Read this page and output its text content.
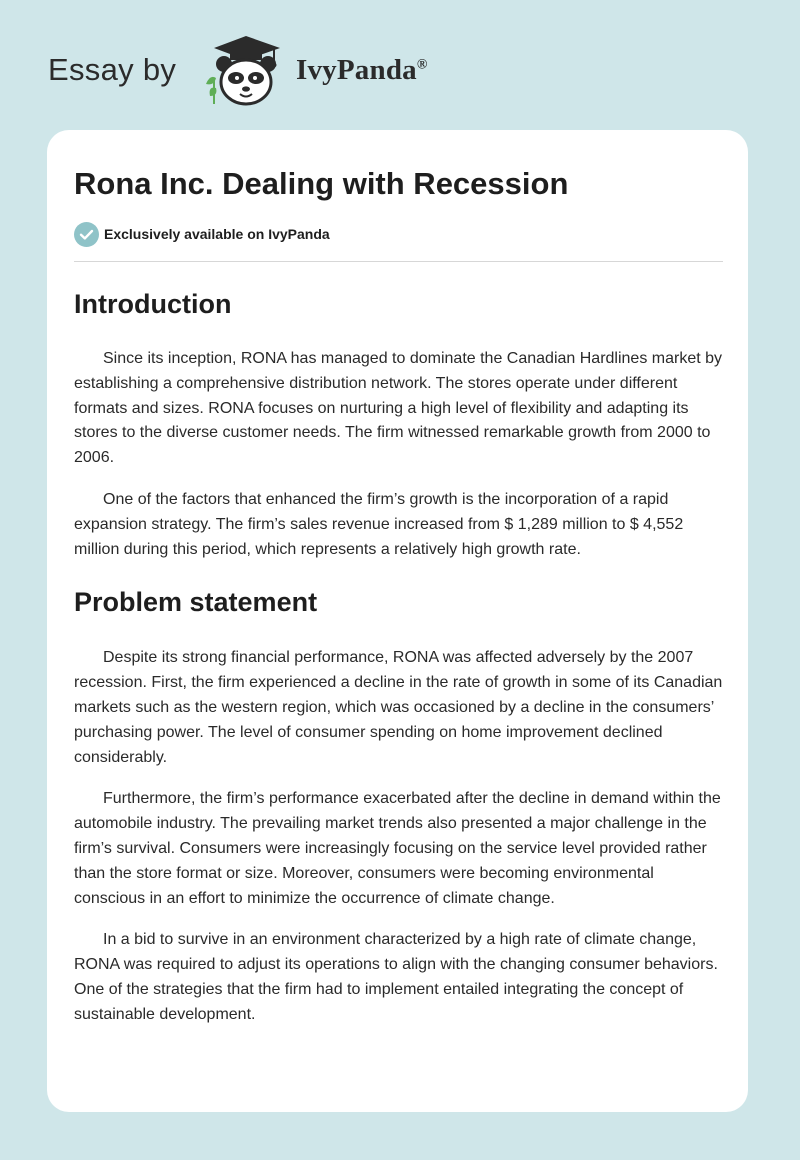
Essay by	IvyPanda®
Rona Inc. Dealing with Recession
Exclusively available on IvyPanda
Introduction

Since its inception, RONA has managed to dominate the Canadian Hardlines market by establishing a comprehensive distribution network. The stores operate under different formats and sizes. RONA focuses on nurturing a high level of flexibility and adapting its stores to the diverse customer needs. The firm witnessed remarkable growth from 2000 to 2006.

One of the factors that enhanced the firm’s growth is the incorporation of a rapid expansion strategy. The firm’s sales revenue increased from $ 1,289 million to $ 4,552 million during this period, which represents a relatively high growth rate.

Problem statement

Despite its strong financial performance, RONA was affected adversely by the 2007 recession. First, the firm experienced a decline in the rate of growth in some of its Canadian markets such as the western region, which was occasioned by a decline in the consumers’ purchasing power. The level of consumer spending on home improvement declined considerably.

Furthermore, the firm’s performance exacerbated after the decline in demand within the automobile industry. The prevailing market trends also presented a major challenge in the firm’s survival. Consumers were increasingly focusing on the service level provided rather than the store format or size. Moreover, consumers were becoming environmental conscious in an effort to minimize the occurrence of climate change.

In a bid to survive in an environment characterized by a high rate of climate change, RONA was required to adjust its operations to align with the changing consumer behaviors. One of the strategies that the firm had to implement entailed integrating the concept of sustainable development.
